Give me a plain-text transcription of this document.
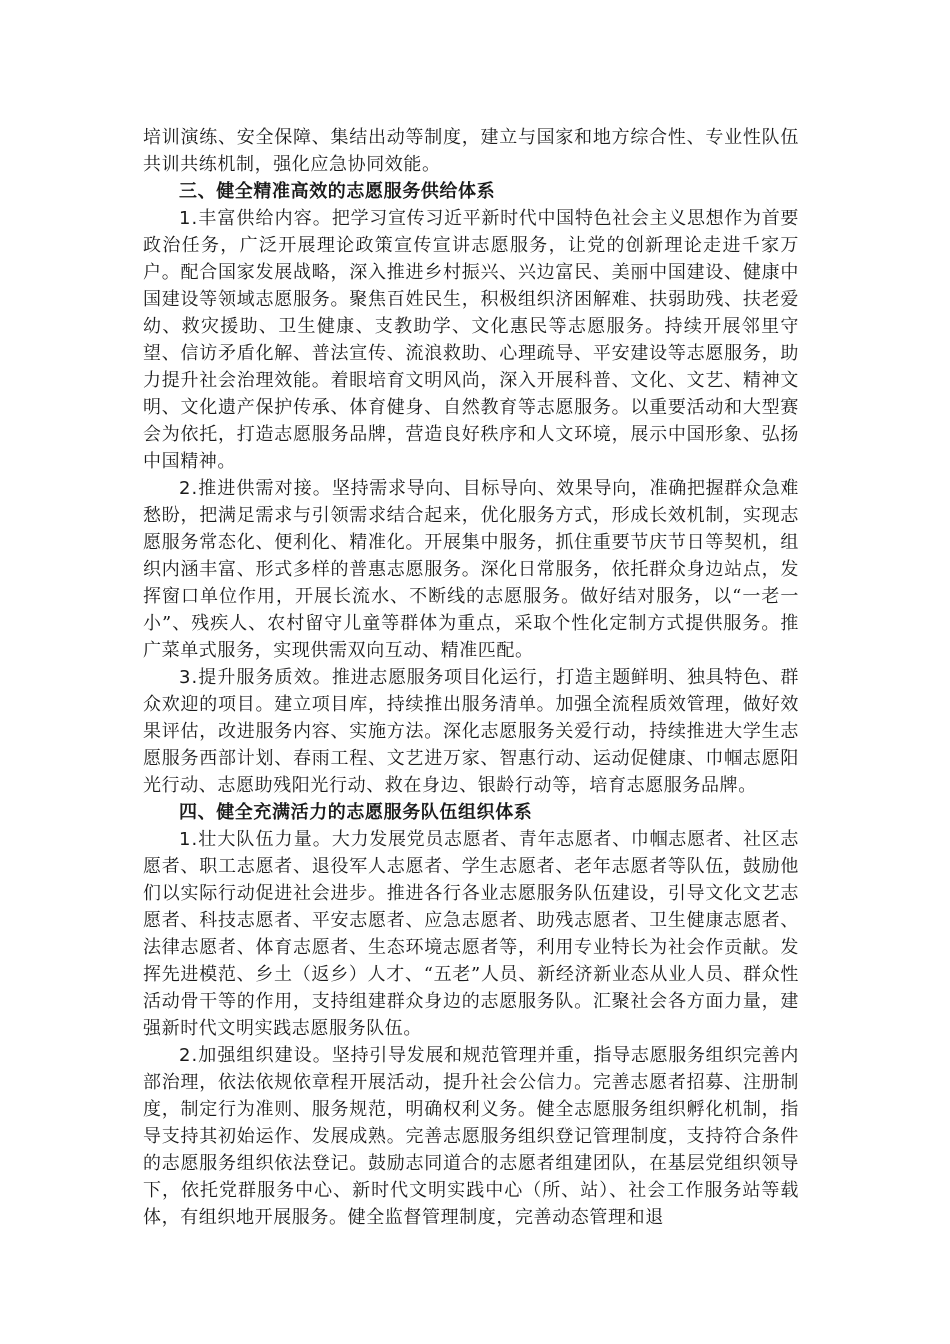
培训演练、安全保障、集结出动等制度，建立与国家和地方综合性、专业性队伍共训共练机制，强化应急协同效能。

三、健全精准高效的志愿服务供给体系

1.丰富供给内容。把学习宣传习近平新时代中国特色社会主义思想作为首要政治任务，广泛开展理论政策宣传宣讲志愿服务，让党的创新理论走进千家万户。配合国家发展战略，深入推进乡村振兴、兴边富民、美丽中国建设、健康中国建设等领域志愿服务。聚焦百姓民生，积极组织济困解难、扶弱助残、扶老爱幼、救灾援助、卫生健康、支教助学、文化惠民等志愿服务。持续开展邻里守望、信访矛盾化解、普法宣传、流浪救助、心理疏导、平安建设等志愿服务，助力提升社会治理效能。着眼培育文明风尚，深入开展科普、文化、文艺、精神文明、文化遗产保护传承、体育健身、自然教育等志愿服务。以重要活动和大型赛会为依托，打造志愿服务品牌，营造良好秩序和人文环境，展示中国形象、弘扬中国精神。

2.推进供需对接。坚持需求导向、目标导向、效果导向，准确把握群众急难愁盼，把满足需求与引领需求结合起来，优化服务方式，形成长效机制，实现志愿服务常态化、便利化、精准化。开展集中服务，抓住重要节庆节日等契机，组织内涵丰富、形式多样的普惠志愿服务。深化日常服务，依托群众身边站点，发挥窗口单位作用，开展长流水、不断线的志愿服务。做好结对服务，以“一老一小”、残疾人、农村留守儿童等群体为重点，采取个性化定制方式提供服务。推广菜单式服务，实现供需双向互动、精准匹配。

3.提升服务质效。推进志愿服务项目化运行，打造主题鲜明、独具特色、群众欢迎的项目。建立项目库，持续推出服务清单。加强全流程质效管理，做好效果评估，改进服务内容、实施方法。深化志愿服务关爱行动，持续推进大学生志愿服务西部计划、春雨工程、文艺进万家、智惠行动、运动促健康、巾帼志愿阳光行动、志愿助残阳光行动、救在身边、银龄行动等，培育志愿服务品牌。

四、健全充满活力的志愿服务队伍组织体系

1.壮大队伍力量。大力发展党员志愿者、青年志愿者、巾帼志愿者、社区志愿者、职工志愿者、退役军人志愿者、学生志愿者、老年志愿者等队伍，鼓励他们以实际行动促进社会进步。推进各行各业志愿服务队伍建设，引导文化文艺志愿者、科技志愿者、平安志愿者、应急志愿者、助残志愿者、卫生健康志愿者、法律志愿者、体育志愿者、生态环境志愿者等，利用专业特长为社会作贡献。发挥先进模范、乡土（返乡）人才、“五老”人员、新经济新业态从业人员、群众性活动骨干等的作用，支持组建群众身边的志愿服务队。汇聚社会各方面力量，建强新时代文明实践志愿服务队伍。

2.加强组织建设。坚持引导发展和规范管理并重，指导志愿服务组织完善内部治理，依法依规依章程开展活动，提升社会公信力。完善志愿者招募、注册制度，制定行为准则、服务规范，明确权利义务。健全志愿服务组织孵化机制，指导支持其初始运作、发展成熟。完善志愿服务组织登记管理制度，支持符合条件的志愿服务组织依法登记。鼓励志同道合的志愿者组建团队，在基层党组织领导下，依托党群服务中心、新时代文明实践中心（所、站）、社会工作服务站等载体，有组织地开展服务。健全监督管理制度，完善动态管理和退
